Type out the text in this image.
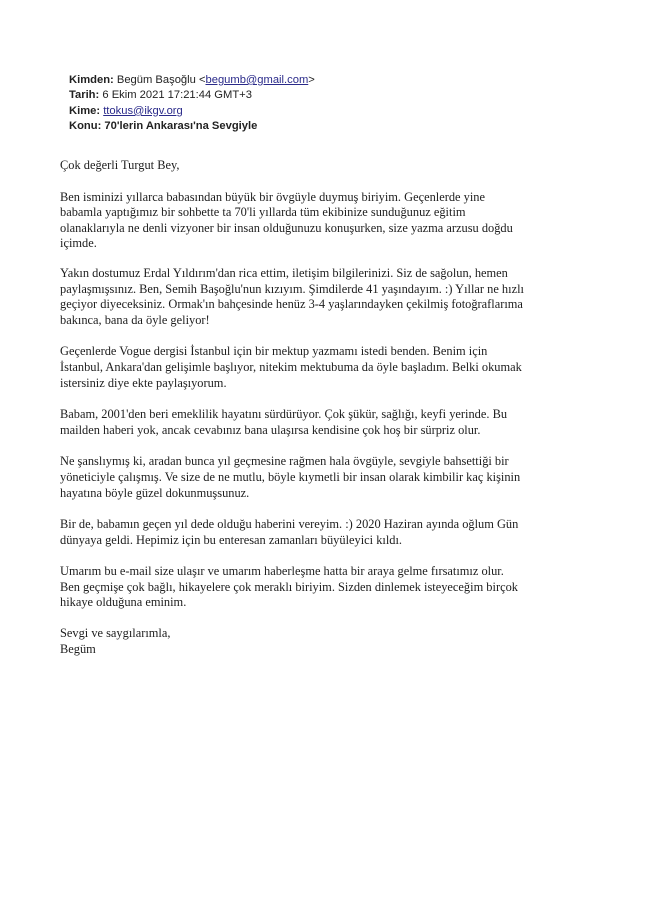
Kimden: Begüm Başoğlu <begumb@gmail.com>
Tarih: 6 Ekim 2021 17:21:44 GMT+3
Kime: ttokus@ikgv.org
Konu: 70'lerin Ankarası'na Sevgiyle

Çok değerli Turgut Bey,

Ben isminizi yıllarca babasından büyük bir övgüyle duymuş biriyim. Geçenlerde yine
babamla yaptığımız bir sohbette ta 70'li yıllarda tüm ekibinize sunduğunuz eğitim
olanaklarıyla ne denli vizyoner bir insan olduğunuzu konuşurken, size yazma arzusu doğdu
içimde.

Yakın dostumuz Erdal Yıldırım'dan rica ettim, iletişim bilgilerinizi. Siz de sağolun, hemen
paylaşmışsınız. Ben, Semih Başoğlu'nun kızıyım. Şimdilerde 41 yaşındayım. :) Yıllar ne hızlı
geçiyor diyeceksiniz. Ormak'ın bahçesinde henüz 3-4 yaşlarındayken çekilmiş fotoğraflarıma
bakınca, bana da öyle geliyor!

Geçenlerde Vogue dergisi İstanbul için bir mektup yazmamı istedi benden. Benim için
İstanbul, Ankara'dan gelişimle başlıyor, nitekim mektubuma da öyle başladım. Belki okumak
istersiniz diye ekte paylaşıyorum.

Babam, 2001'den beri emeklilik hayatını sürdürüyor. Çok şükür, sağlığı, keyfi yerinde. Bu
mailden haberi yok, ancak cevabınız bana ulaşırsa kendisine çok hoş bir sürpriz olur.

Ne şanslıymış ki, aradan bunca yıl geçmesine rağmen hala övgüyle, sevgiyle bahsettiği bir
yöneticiyle çalışmış. Ve size de ne mutlu, böyle kıymetli bir insan olarak kimbilir kaç kişinin
hayatına böyle güzel dokunmuşsunuz.

Bir de, babamın geçen yıl dede olduğu haberini vereyim. :) 2020 Haziran ayında oğlum Gün
dünyaya geldi. Hepimiz için bu enteresan zamanları büyüleyici kıldı.

Umarım bu e-mail size ulaşır ve umarım haberleşme hatta bir araya gelme fırsatımız olur.
Ben geçmişe çok bağlı, hikayelere çok meraklı biriyim. Sizden dinlemek isteyeceğim birçok
hikaye olduğuna eminim.

Sevgi ve saygılarımla,
Begüm
